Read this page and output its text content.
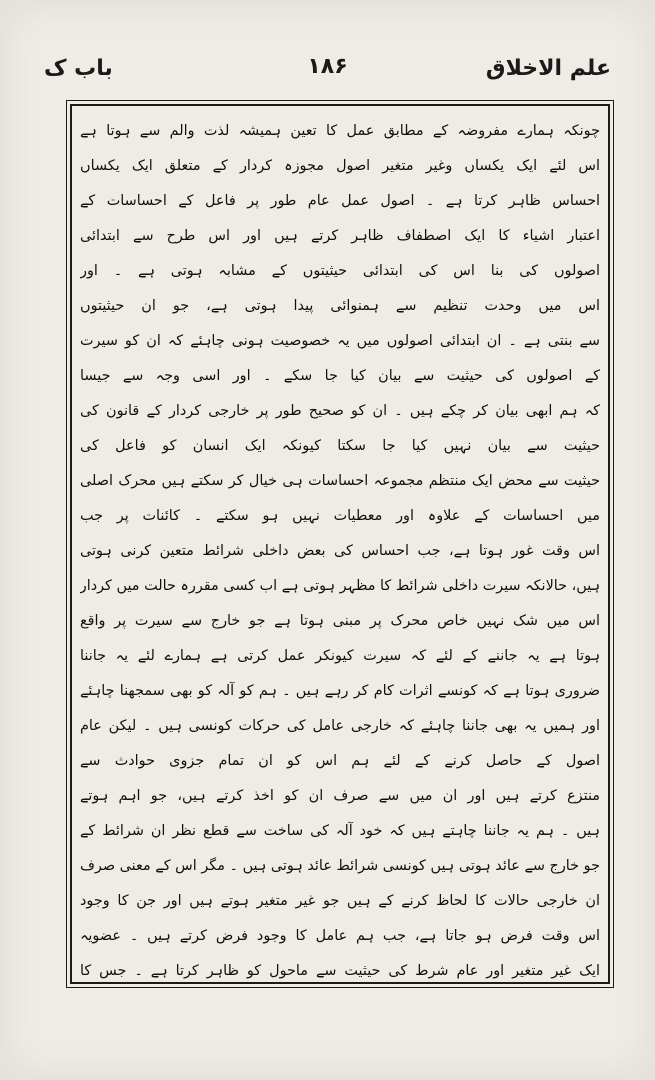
علم الاخلاق
۱۸۶
باب ک
چونکہ ہمارے مفروضہ کے مطابق عمل کا تعین ہمیشہ لذت والم سے ہوتا ہے
اس لئے ایک یکساں وغیر متغیر اصول مجوزہ کردار کے متعلق ایک یکساں
احساس ظاہر کرتا ہے ۔ اصول عمل عام طور پر فاعل کے احساسات کے
اعتبار اشیاء کا ایک اصطفاف ظاہر کرتے ہیں اور اس طرح سے ابتدائی
اصولوں کی بنا اس کی ابتدائی حیثیتوں کے مشابہ ہوتی ہے ۔ اور
اس میں وحدت تنظیم سے ہمنوائی پیدا ہوتی ہے، جو ان حیثیتوں
سے بنتی ہے ۔ ان ابتدائی اصولوں میں یہ خصوصیت ہونی چاہئے کہ ان کو سیرت
کے اصولوں کی حیثیت سے بیان کیا جا سکے ۔ اور اسی وجہ سے جیسا
کہ ہم ابھی بیان کر چکے ہیں ۔ ان کو صحیح طور پر خارجی کردار کے قانون کی
حیثیت سے بیان نہیں کیا جا سکتا کیونکہ ایک انسان کو فاعل کی
حیثیت سے محض ایک منتظم مجموعہ احساسات ہی خیال کر سکتے ہیں محرک اصلی
میں احساسات کے علاوہ اور معطیات نہیں ہو سکتے ۔ کائنات پر جب
اس وقت غور ہوتا ہے، جب احساس کی بعض داخلی شرائط متعین کرنی ہوتی
ہیں، حالانکہ سیرت داخلی شرائط کا مظہر ہوتی ہے اب کسی مقررہ حالت میں کردار
اس میں شک نہیں خاص محرک پر مبنی ہوتا ہے جو خارج سے سیرت پر واقع
ہوتا ہے یہ جاننے کے لئے کہ سیرت کیونکر عمل کرتی ہے ہمارے لئے یہ جاننا
ضروری ہوتا ہے کہ کونسے اثرات کام کر رہے ہیں ۔ ہم کو آلہ کو بھی سمجھنا چاہئے
اور ہمیں یہ بھی جاننا چاہئے کہ خارجی عامل کی حرکات کونسی ہیں ۔ لیکن عام
اصول کے حاصل کرنے کے لئے ہم اس کو ان تمام جزوی حوادث سے
منتزع کرتے ہیں اور ان میں سے صرف ان کو اخذ کرتے ہیں، جو اہم ہوتے
ہیں ۔ ہم یہ جاننا چاہتے ہیں کہ خود آلہ کی ساخت سے قطع نظر ان شرائط کے
جو خارج سے عائد ہوتی ہیں کونسی شرائط عائد ہوتی ہیں ۔ مگر اس کے معنی صرف
ان خارجی حالات کا لحاظ کرنے کے ہیں جو غیر متغیر ہوتے ہیں اور جن کا وجود
اس وقت فرض ہو جاتا ہے، جب ہم عامل کا وجود فرض کرتے ہیں ۔ عضویہ
ایک غیر متغیر اور عام شرط کی حیثیت سے ماحول کو ظاہر کرتا ہے ۔ جس کا
